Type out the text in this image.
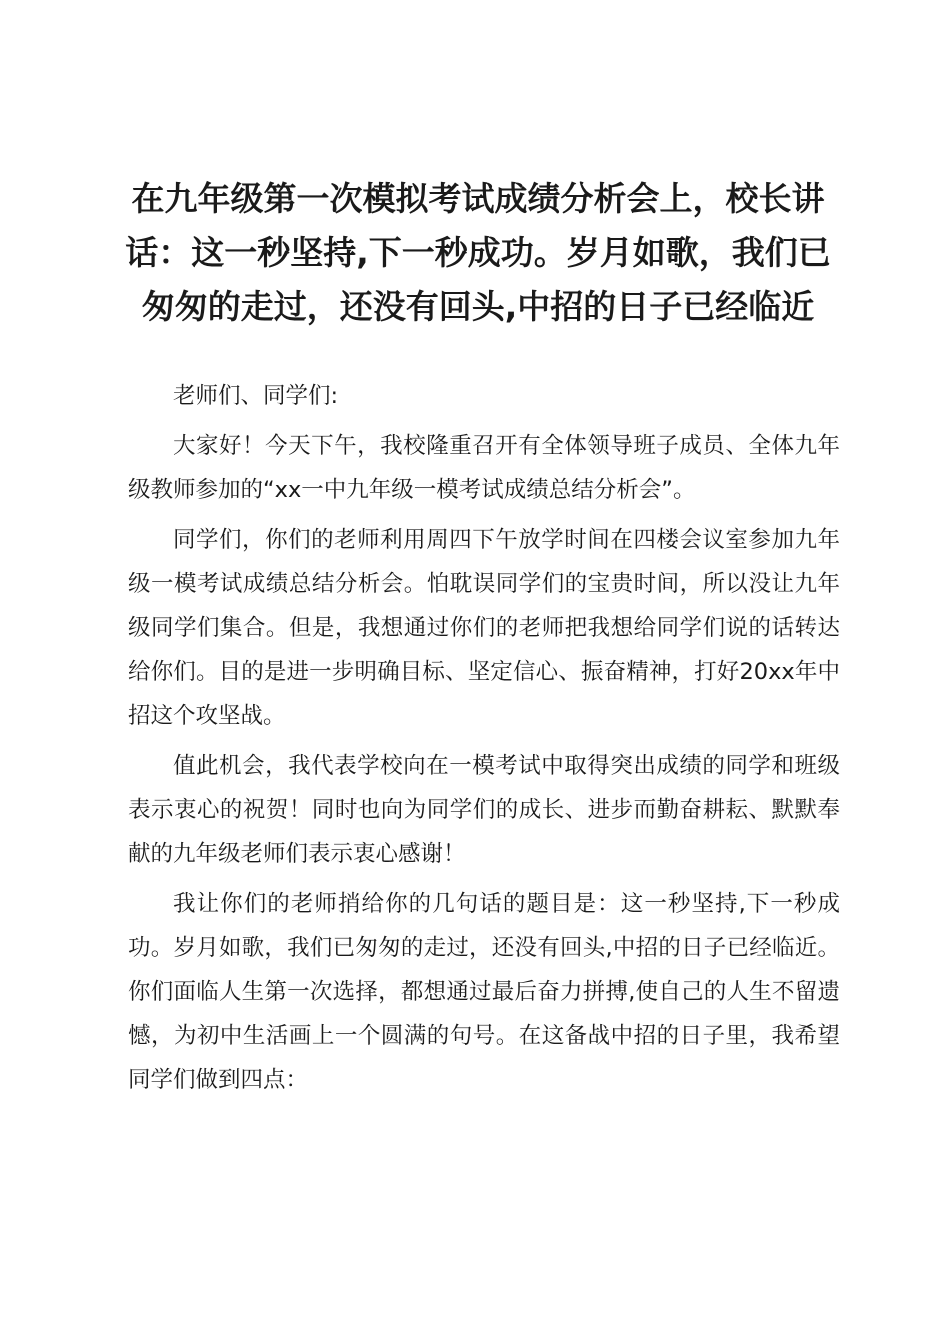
在九年级第一次模拟考试成绩分析会上，校长讲话：这一秒坚持,下一秒成功。岁月如歌，我们已匆匆的走过，还没有回头,中招的日子已经临近

老师们、同学们:

大家好！今天下午，我校隆重召开有全体领导班子成员、全体九年级教师参加的“xx一中九年级一模考试成绩总结分析会”。

同学们，你们的老师利用周四下午放学时间在四楼会议室参加九年级一模考试成绩总结分析会。怕耽误同学们的宝贵时间，所以没让九年级同学们集合。但是，我想通过你们的老师把我想给同学们说的话转达给你们。目的是进一步明确目标、坚定信心、振奋精神，打好20xx年中招这个攻坚战。

值此机会，我代表学校向在一模考试中取得突出成绩的同学和班级表示衷心的祝贺！同时也向为同学们的成长、进步而勤奋耕耘、默默奉献的九年级老师们表示衷心感谢！

我让你们的老师捎给你的几句话的题目是：这一秒坚持,下一秒成功。岁月如歌，我们已匆匆的走过，还没有回头,中招的日子已经临近。你们面临人生第一次选择，都想通过最后奋力拼搏,使自己的人生不留遗憾，为初中生活画上一个圆满的句号。在这备战中招的日子里，我希望同学们做到四点：
